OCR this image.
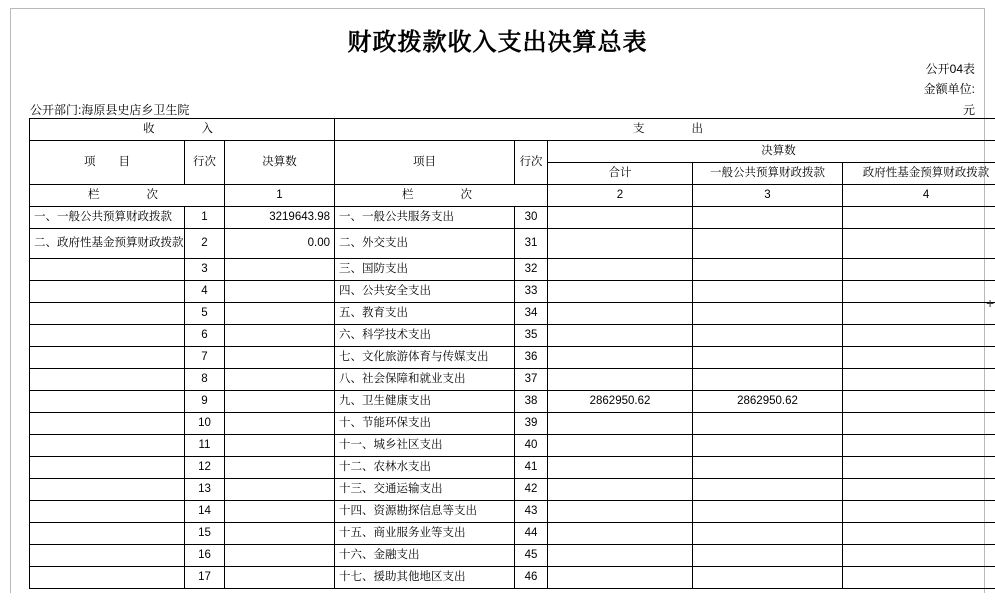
财政拨款收入支出决算总表
公开04表
金额单位:
元
公开部门:海原县史店乡卫生院
收　　入			支　　出				
项　　目	行次	决算数	项目	行次	决算数		
					合计	一般公共预算财政拨款	政府性基金预算财政拨款
栏　　次		1	栏　　次		2	3	4
一、一般公共预算财政拨款	1	3219643.98	一、一般公共服务支出	30			
二、政府性基金预算财政拨款	2	0.00	二、外交支出	31			
	3		三、国防支出	32			
	4		四、公共安全支出	33			
	5		五、教育支出	34			
	6		六、科学技术支出	35			
	7		七、文化旅游体育与传媒支出	36			
	8		八、社会保障和就业支出	37			
	9		九、卫生健康支出	38	2862950.62	2862950.62	
	10		十、节能环保支出	39			
	11		十一、城乡社区支出	40			
	12		十二、农林水支出	41			
	13		十三、交通运输支出	42			
	14		十四、资源勘探信息等支出	43			
	15		十五、商业服务业等支出	44			
	16		十六、金融支出	45			
	17		十七、援助其他地区支出	46			
+
